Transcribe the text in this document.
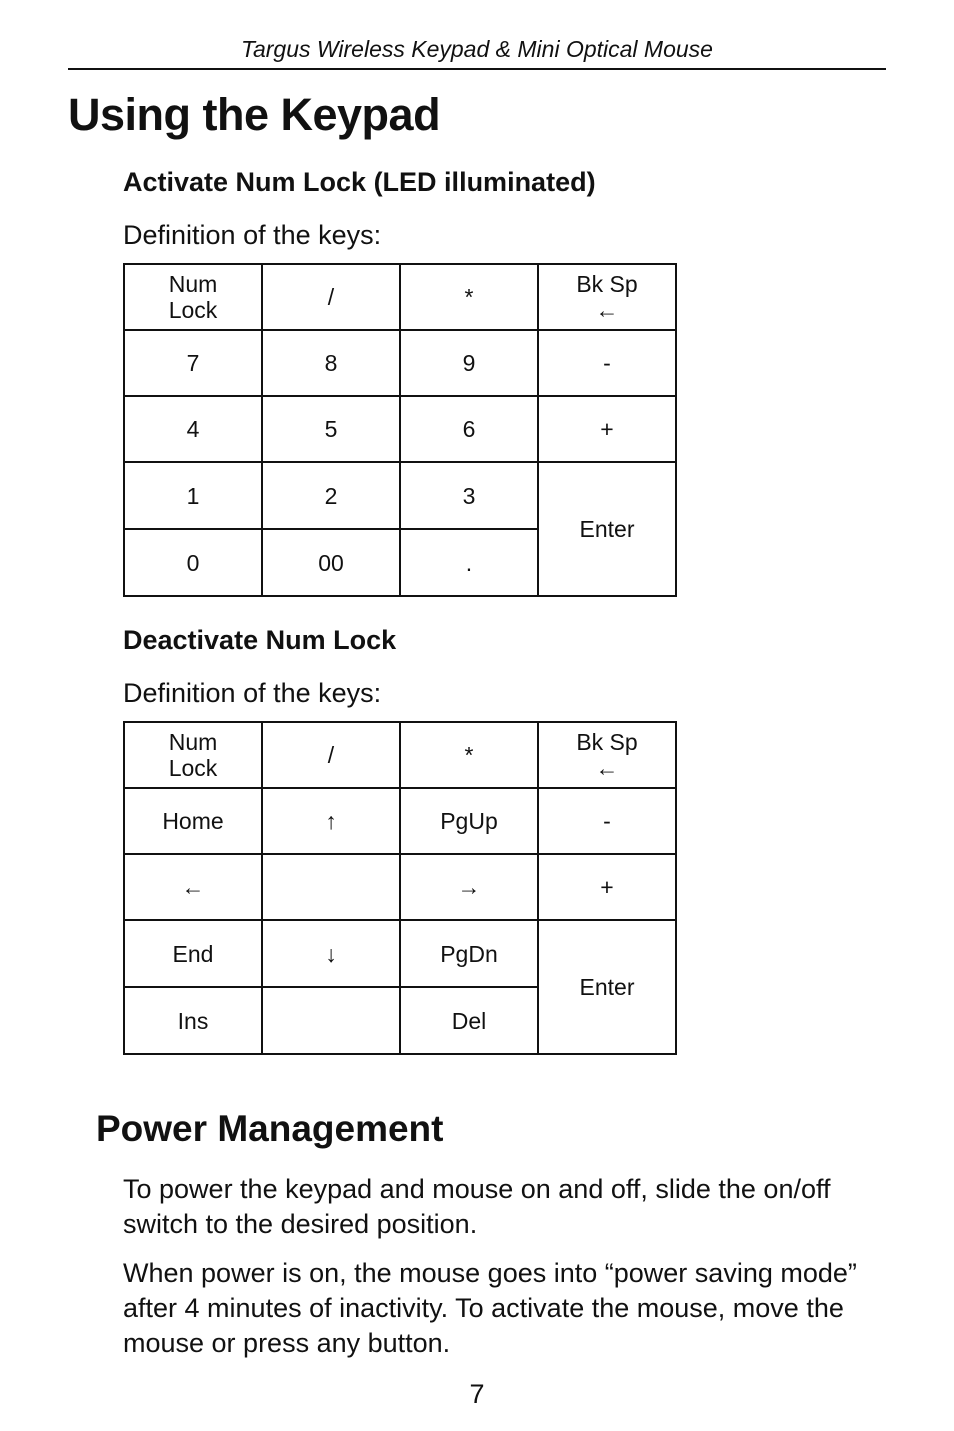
Targus Wireless Keypad & Mini Optical Mouse
Using the Keypad
Activate Num Lock (LED illuminated)

Definition of the keys:

Num
Lock	/	*	Bk Sp
←
7	8	9	-
4	5	6	+
1	2	3	Enter
0	00	.	
Deactivate Num Lock

Definition of the keys:

Num
Lock	/	*	Bk Sp
←
Home	↑	PgUp	-
←		→	+
End	↓	PgDn	Enter
Ins		Del	
Power Management

To power the keypad and mouse on and off, slide the on/off switch to the desired position.

When power is on, the mouse goes into “power saving mode” after 4 minutes of inactivity. To activate the mouse, move the mouse or press any button.

7
